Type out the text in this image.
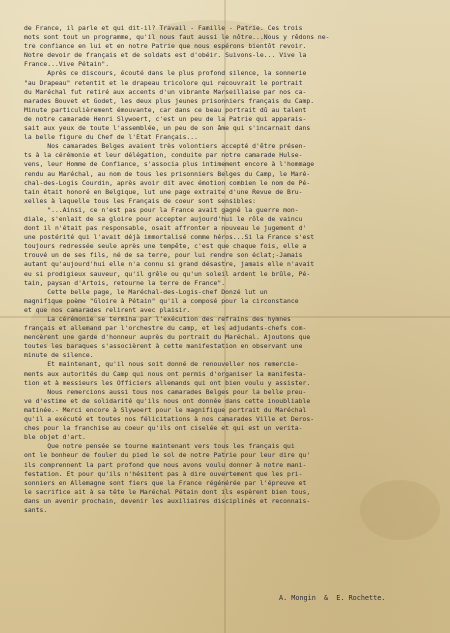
de France, il parle et qui dit-il? Travail - Famille - Patrie. Ces trois
mots sont tout un programme, qu'il nous faut aussi le nôtre...Nous y rêdons ne-
tre confiance en lui et en notre Patrie que nous espérons bientôt revoir.
Notre devoir de français et de soldats est d'obéir. Suivons-le... Vive la
France...Vive Pétain".
Après ce discours, écouté dans le plus profond silence, la sonnerie
"au Drapeau" retentit et le drapeau tricolore qui recouvrait le portrait
du Maréchal fut retiré aux accents d'un vibrante Marseillaise par nos ca-
marades Bouvet et Godet, les deux plus jeunes prisonniers français du Camp.
Minute particulièrement émouvante, car dans ce beau portrait dû au talent
de notre camarade Henri Slywoert, c'est un peu de la Patrie qui apparais-
sait aux yeux de toute l'assemblée, un peu de son âme qui s'incarnait dans
la belle figure du Chef de l'Etat Français...
Nos camarades Belges avaient très volontiers accepté d'être présen-
ts à la cérémonie et leur délégation, conduite par notre camarade Hulse-
vens, leur Homme de Confiance, s'associa plus intimement encore à l'hommage
rendu au Maréchal, au nom de tous les prisonniers Belges du Camp, le Maré-
chal-des-Logis Courdin, après avoir dit avec émotion combien le nom de Pé-
tain était honoré en Belgique, lut une page extraite d'une Revue de Bru-
xelles à laquelle tous les Français de coeur sont sensibles:
"...Ainsi, ce n'est pas pour la France avait gagné la guerre mon-
diale, s'enlait de sa gloire pour accepter aujourd'hui le rôle de vaincu
dont il n'était pas responsable, osait affronter a nouveau le jugement d'
une postérité qui l'avait déjà immortalisé comme héros...Si la France s'est
toujours redressée seule après une tempête, c'est que chaque fois, elle a
trouvé un de ses fils, né de sa terre, pour lui rendre son éclat;-Jamais
autant qu'aujourd'hui elle n'a connu si grand désastre, jamais elle n'avait
eu si prodigieux sauveur, qu'il grêle ou qu'un soleil ardent le brûle, Pé-
tain, paysan d'Artois, retourne la terre de France".
Cette belle page, le Maréchal-des-Logis-chef Donzé lut un
magnifique poème "Gloire à Pétain" qu'il a composé pour la circonstance
et que nos camarades relirent avec plaisir.
La cérémonie se termina par l'exécution des refrains des hymnes
français et allemand par l'orchestre du camp, et les adjudants-chefs com-
mencèrent une garde d'honneur auprès du portrait du Maréchal. Ajoutons que
toutes les baraques s'associèrent à cette manifestation en observant une
minute de silence.
Et maintenant, qu'il nous soit donné de renouveller nos remercie-
ments aux autorités du Camp qui nous ont permis d'organiser la manifesta-
tion et à messieurs les Officiers allemands qui ont bien voulu y assister.
Nous remercions aussi tous nos camarades Belges pour la belle preu-
ve d'estime et de solidarité qu'ils nous ont donnée dans cette inoubliable
matinée.- Merci encore à Slywoert pour le magnifique portrait du Maréchal
qu'il a exécuté et toutes nos félicitations à nos camarades Ville et Deros-
ches pour la franchise au coeur qu'ils ont ciselée et qui est un verita-
ble objet d'art.
Que notre pensée se tourne maintenant vers tous les français qui
ont le bonheur de fouler du pied le sol de notre Patrie pour leur dire qu'
ils comprennent la part profond que nous avons voulu donner à notre mani-
festation. Et pour qu'ils n'hésitent pas à dire ouvertement que les pri-
sonniers en Allemagne sont fiers que la France régénérée par l'épreuve et
le sacrifice ait à sa tête le Maréchal Pétain dont ils espèrent bien tous,
dans un avenir prochain, devenir les auxiliaires disciplinés et reconnais-
sants.

A. Mongin  &  E. Rochette.
